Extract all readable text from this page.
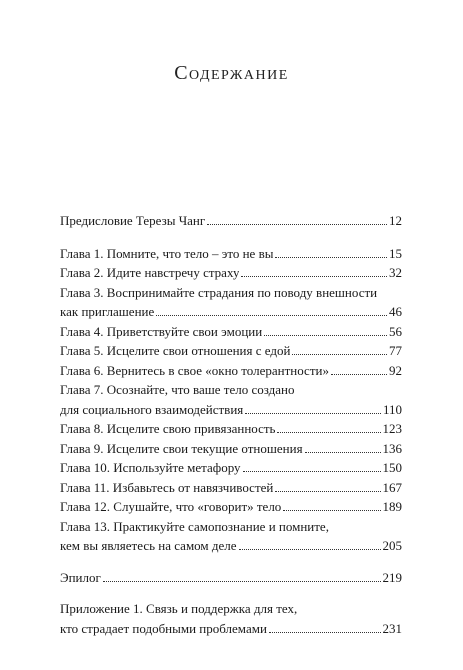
Содержание
Предисловие Терезы Чанг	12
Глава 1. Помните, что тело – это не вы	15
Глава 2. Идите навстречу страху	32
Глава 3. Воспринимайте страдания по поводу внешности
как приглашение	46
Глава 4. Приветствуйте свои эмоции	56
Глава 5. Исцелите свои отношения с едой	77
Глава 6. Вернитесь в свое «окно толерантности»	92
Глава 7. Осознайте, что ваше тело создано
для социального взаимодействия	110
Глава 8. Исцелите свою привязанность	123
Глава 9. Исцелите свои текущие отношения	136
Глава 10. Используйте метафору	150
Глава 11. Избавьтесь от навязчивостей	167
Глава 12. Слушайте, что «говорит» тело	189
Глава 13. Практикуйте самопознание и помните,
кем вы являетесь на самом деле	205
Эпилог	219
Приложение 1. Связь и поддержка для тех,
кто страдает подобными проблемами	231
